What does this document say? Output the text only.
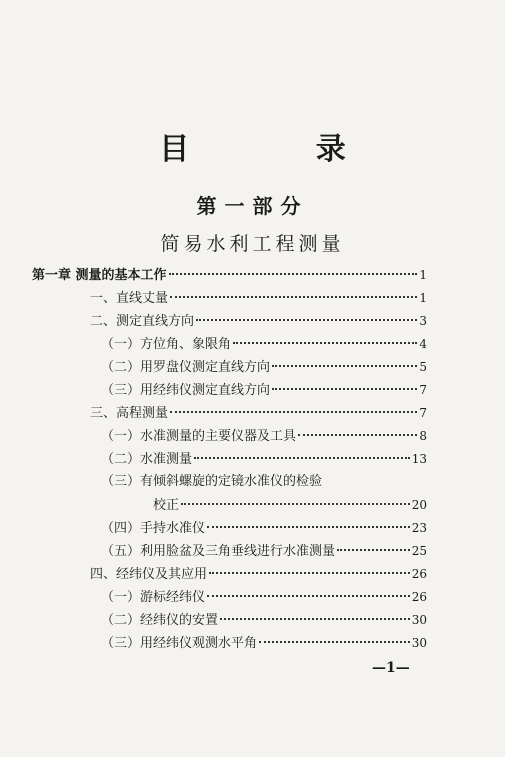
目 录
第一部分
简易水利工程测量
第一章 测量的基本工作	1
一、直线丈量	1
二、测定直线方向	3
（一）方位角、象限角	4
（二）用罗盘仪测定直线方向	5
（三）用经纬仪测定直线方向	7
三、高程测量	7
（一）水准测量的主要仪器及工具	8
（二）水准测量	13
（三）有倾斜螺旋的定镜水准仪的检验
校正	20
（四）手持水准仪	23
（五）利用脸盆及三角垂线进行水准测量	25
四、经纬仪及其应用	26
（一）游标经纬仪	26
（二）经纬仪的安置	30
（三）用经纬仪观测水平角	30
—1—
